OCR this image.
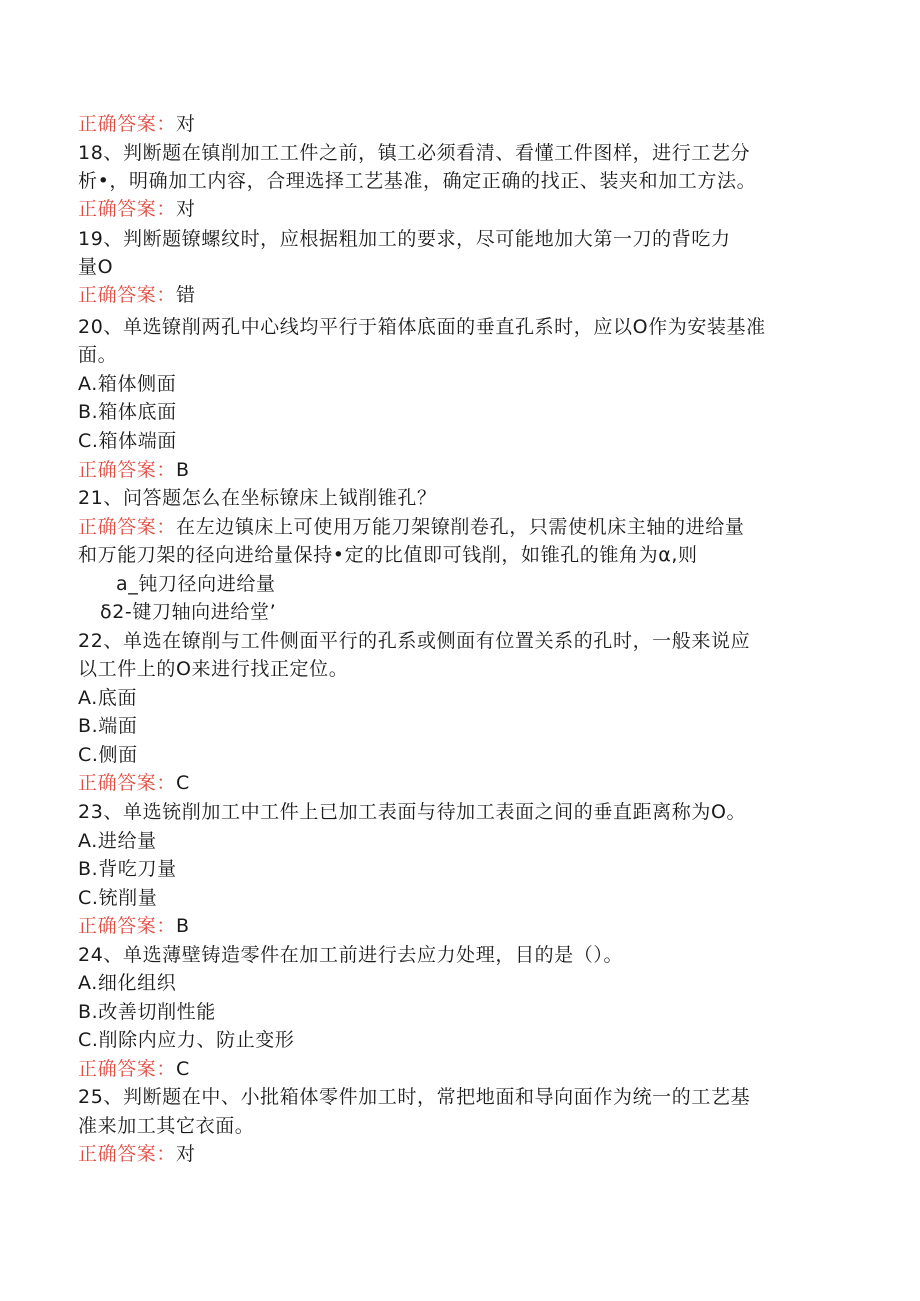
正确答案：对
18、判断题在镇削加工工件之前，镇工必须看清、看懂工件图样，进行工艺分
析•，明确加工内容，合理选择工艺基准，确定正确的找正、装夹和加工方法。
正确答案：对
19、判断题镣螺纹时，应根据粗加工的要求，尽可能地加大第一刀的背吃力
量O
正确答案：错
20、单选镣削两孔中心线均平行于箱体底面的垂直孔系时，应以O作为安装基准
面。
A.箱体侧面
B.箱体底面
C.箱体端面
正确答案：B
21、问答题怎么在坐标镣床上钺削锥孔？
正确答案：在左边镇床上可使用万能刀架镣削卷孔，只需使机床主轴的进给量
和万能刀架的径向进给量保持•定的比值即可钱削，如锥孔的锥角为α,则
a_钝刀径向进给量
δ2-键刀轴向进给堂’
22、单选在镣削与工件侧面平行的孔系或侧面有位置关系的孔时，一般来说应
以工件上的O来进行找正定位。
A.底面
B.端面
C.侧面
正确答案：C
23、单选铳削加工中工件上已加工表面与待加工表面之间的垂直距离称为O。
A.进给量
B.背吃刀量
C.铳削量
正确答案：B
24、单选薄壁铸造零件在加工前进行去应力处理，目的是（）。
A.细化组织
B.改善切削性能
C.削除内应力、防止变形
正确答案：C
25、判断题在中、小批箱体零件加工时，常把地面和导向面作为统一的工艺基
准来加工其它衣面。
正确答案：对
